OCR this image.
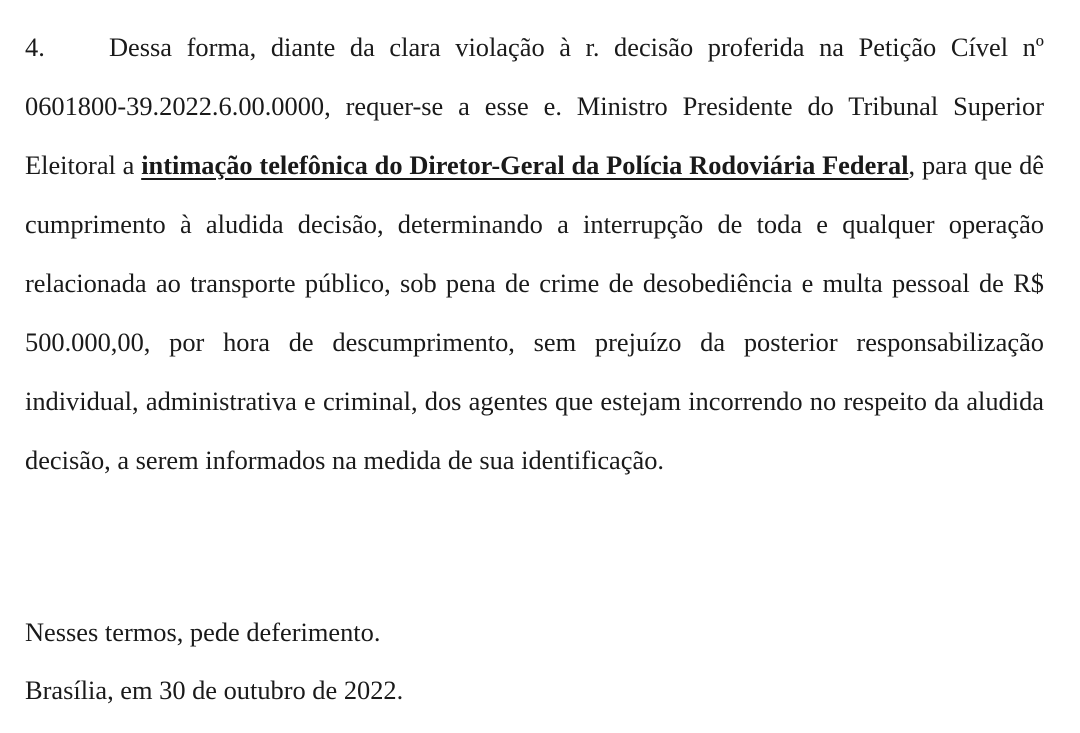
4. Dessa forma, diante da clara violação à r. decisão proferida na Petição Cível nº 0601800-39.2022.6.00.0000, requer-se a esse e. Ministro Presidente do Tribunal Superior Eleitoral a intimação telefônica do Diretor-Geral da Polícia Rodoviária Federal, para que dê cumprimento à aludida decisão, determinando a interrupção de toda e qualquer operação relacionada ao transporte público, sob pena de crime de desobediência e multa pessoal de R$ 500.000,00, por hora de descumprimento, sem prejuízo da posterior responsabilização individual, administrativa e criminal, dos agentes que estejam incorrendo no respeito da aludida decisão, a serem informados na medida de sua identificação.

Nesses termos, pede deferimento.

Brasília, em 30 de outubro de 2022.
